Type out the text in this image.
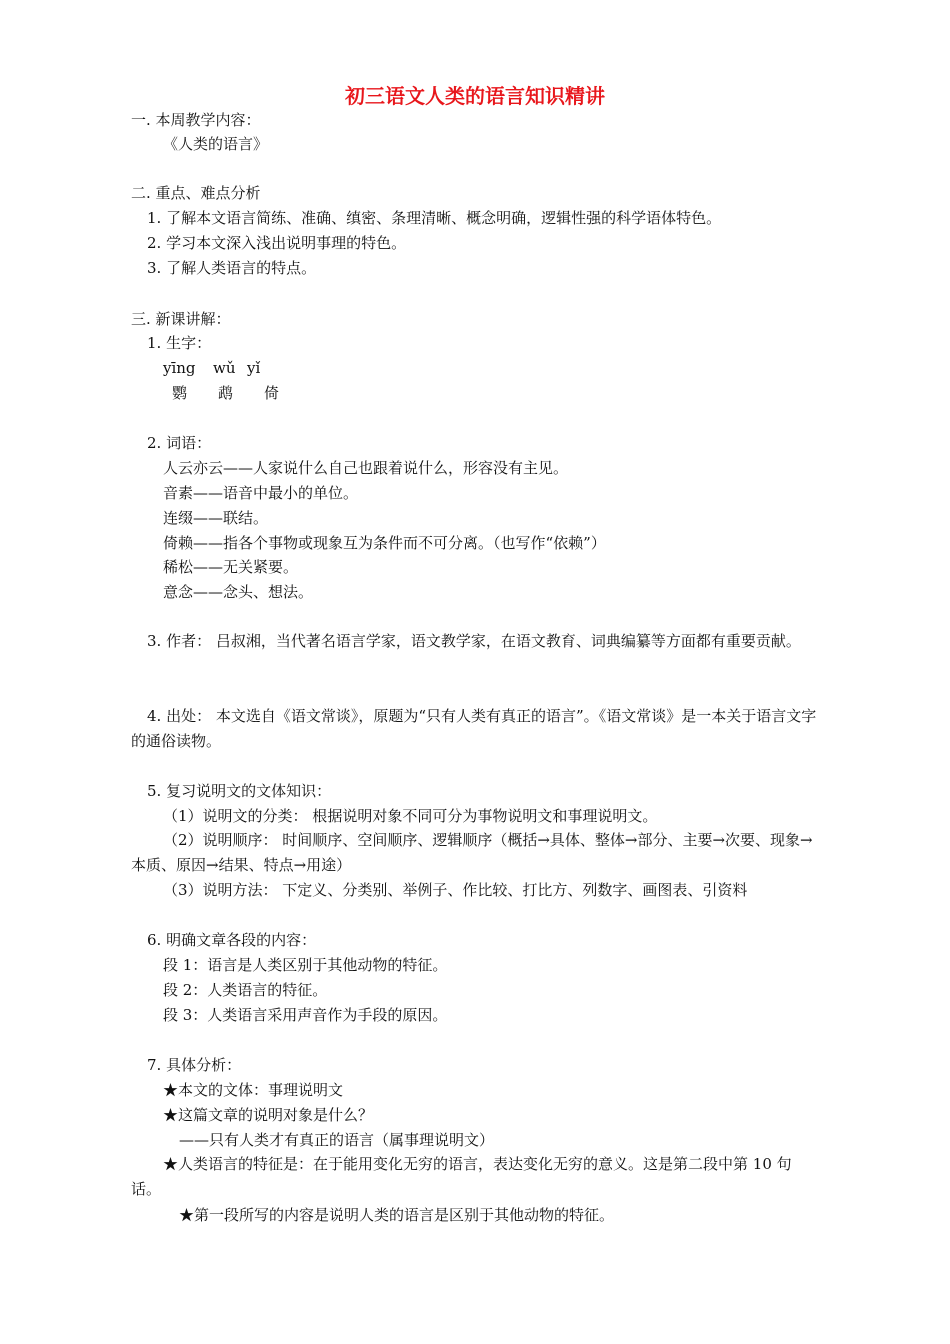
初三语文人类的语言知识精讲
一. 本周教学内容：
《人类的语言》
二. 重点、难点分析
1. 了解本文语言简练、准确、缜密、条理清晰、概念明确，逻辑性强的科学语体特色。
2. 学习本文深入浅出说明事理的特色。
3. 了解人类语言的特点。
三. 新课讲解：
1. 生字：
yīng wǔ yǐ
鹦 鹉 倚
2. 词语：
人云亦云——人家说什么自己也跟着说什么，形容没有主见。
音素——语音中最小的单位。
连缀——联结。
倚赖——指各个事物或现象互为条件而不可分离。（也写作“依赖”）
稀松——无关紧要。
意念——念头、想法。
3. 作者： 吕叔湘，当代著名语言学家，语文教学家，在语文教育、词典编纂等方面都有重要贡献。
4. 出处： 本文选自《语文常谈》，原题为“只有人类有真正的语言”。《语文常谈》是一本关于语言文字的通俗读物。
5. 复习说明文的文体知识：
（1）说明文的分类： 根据说明对象不同可分为事物说明文和事理说明文。
（2）说明顺序： 时间顺序、空间顺序、逻辑顺序（概括→具体、整体→部分、主要→次要、现象→本质、原因→结果、特点→用途）
（3）说明方法： 下定义、分类别、举例子、作比较、打比方、列数字、画图表、引资料
6. 明确文章各段的内容：
段 1：语言是人类区别于其他动物的特征。
段 2：人类语言的特征。
段 3：人类语言采用声音作为手段的原因。
7. 具体分析：
★本文的文体：事理说明文
★这篇文章的说明对象是什么？
——只有人类才有真正的语言（属事理说明文）
★人类语言的特征是：在于能用变化无穷的语言，表达变化无穷的意义。这是第二段中第 10 句话。
★第一段所写的内容是说明人类的语言是区别于其他动物的特征。
